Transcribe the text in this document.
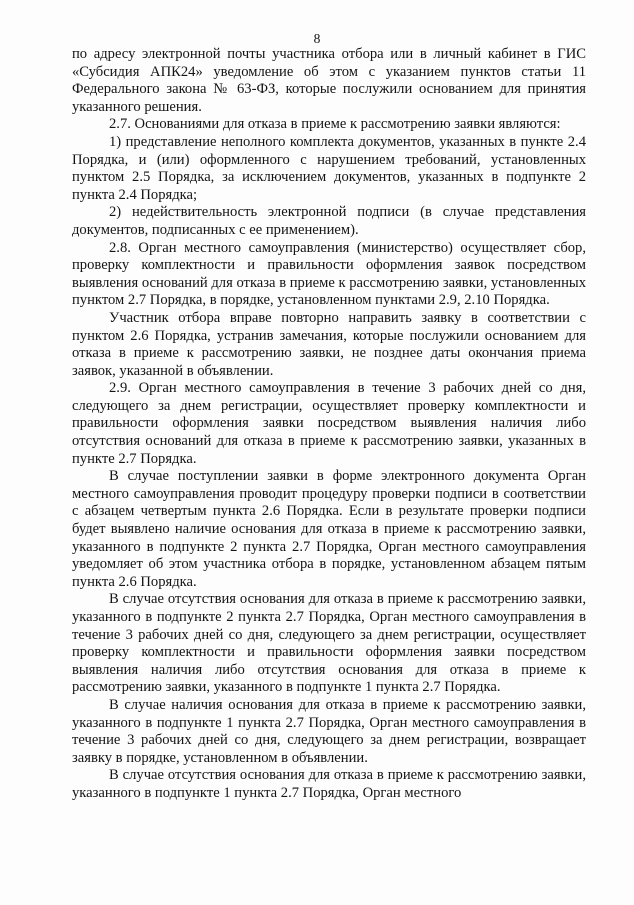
8

по адресу электронной почты участника отбора или в личный кабинет в ГИС «Субсидия АПК24» уведомление об этом с указанием пунктов статьи 11 Федерального закона № 63-ФЗ, которые послужили основанием для принятия указанного решения.

2.7. Основаниями для отказа в приеме к рассмотрению заявки являются:

1) представление неполного комплекта документов, указанных в пункте 2.4 Порядка, и (или) оформленного с нарушением требований, установленных пунктом 2.5 Порядка, за исключением документов, указанных в подпункте 2 пункта 2.4 Порядка;

2) недействительность электронной подписи (в случае представления документов, подписанных с ее применением).

2.8. Орган местного самоуправления (министерство) осуществляет сбор, проверку комплектности и правильности оформления заявок посредством выявления оснований для отказа в приеме к рассмотрению заявки, установленных пунктом 2.7 Порядка, в порядке, установленном пунктами 2.9, 2.10 Порядка.

Участник отбора вправе повторно направить заявку в соответствии с пунктом 2.6 Порядка, устранив замечания, которые послужили основанием для отказа в приеме к рассмотрению заявки, не позднее даты окончания приема заявок, указанной в объявлении.

2.9. Орган местного самоуправления в течение 3 рабочих дней со дня, следующего за днем регистрации, осуществляет проверку комплектности и правильности оформления заявки посредством выявления наличия либо отсутствия оснований для отказа в приеме к рассмотрению заявки, указанных в пункте 2.7 Порядка.

В случае поступлении заявки в форме электронного документа Орган местного самоуправления проводит процедуру проверки подписи в соответствии с абзацем четвертым пункта 2.6 Порядка. Если в результате проверки подписи будет выявлено наличие основания для отказа в приеме к рассмотрению заявки, указанного в подпункте 2 пункта 2.7 Порядка, Орган местного самоуправления уведомляет об этом участника отбора в порядке, установленном абзацем пятым пункта 2.6 Порядка.

В случае отсутствия основания для отказа в приеме к рассмотрению заявки, указанного в подпункте 2 пункта 2.7 Порядка, Орган местного самоуправления в течение 3 рабочих дней со дня, следующего за днем регистрации, осуществляет проверку комплектности и правильности оформления заявки посредством выявления наличия либо отсутствия основания для отказа в приеме к рассмотрению заявки, указанного в подпункте 1 пункта 2.7 Порядка.

В случае наличия основания для отказа в приеме к рассмотрению заявки, указанного в подпункте 1 пункта 2.7 Порядка, Орган местного самоуправления в течение 3 рабочих дней со дня, следующего за днем регистрации, возвращает заявку в порядке, установленном в объявлении.

В случае отсутствия основания для отказа в приеме к рассмотрению заявки, указанного в подпункте 1 пункта 2.7 Порядка, Орган местного
